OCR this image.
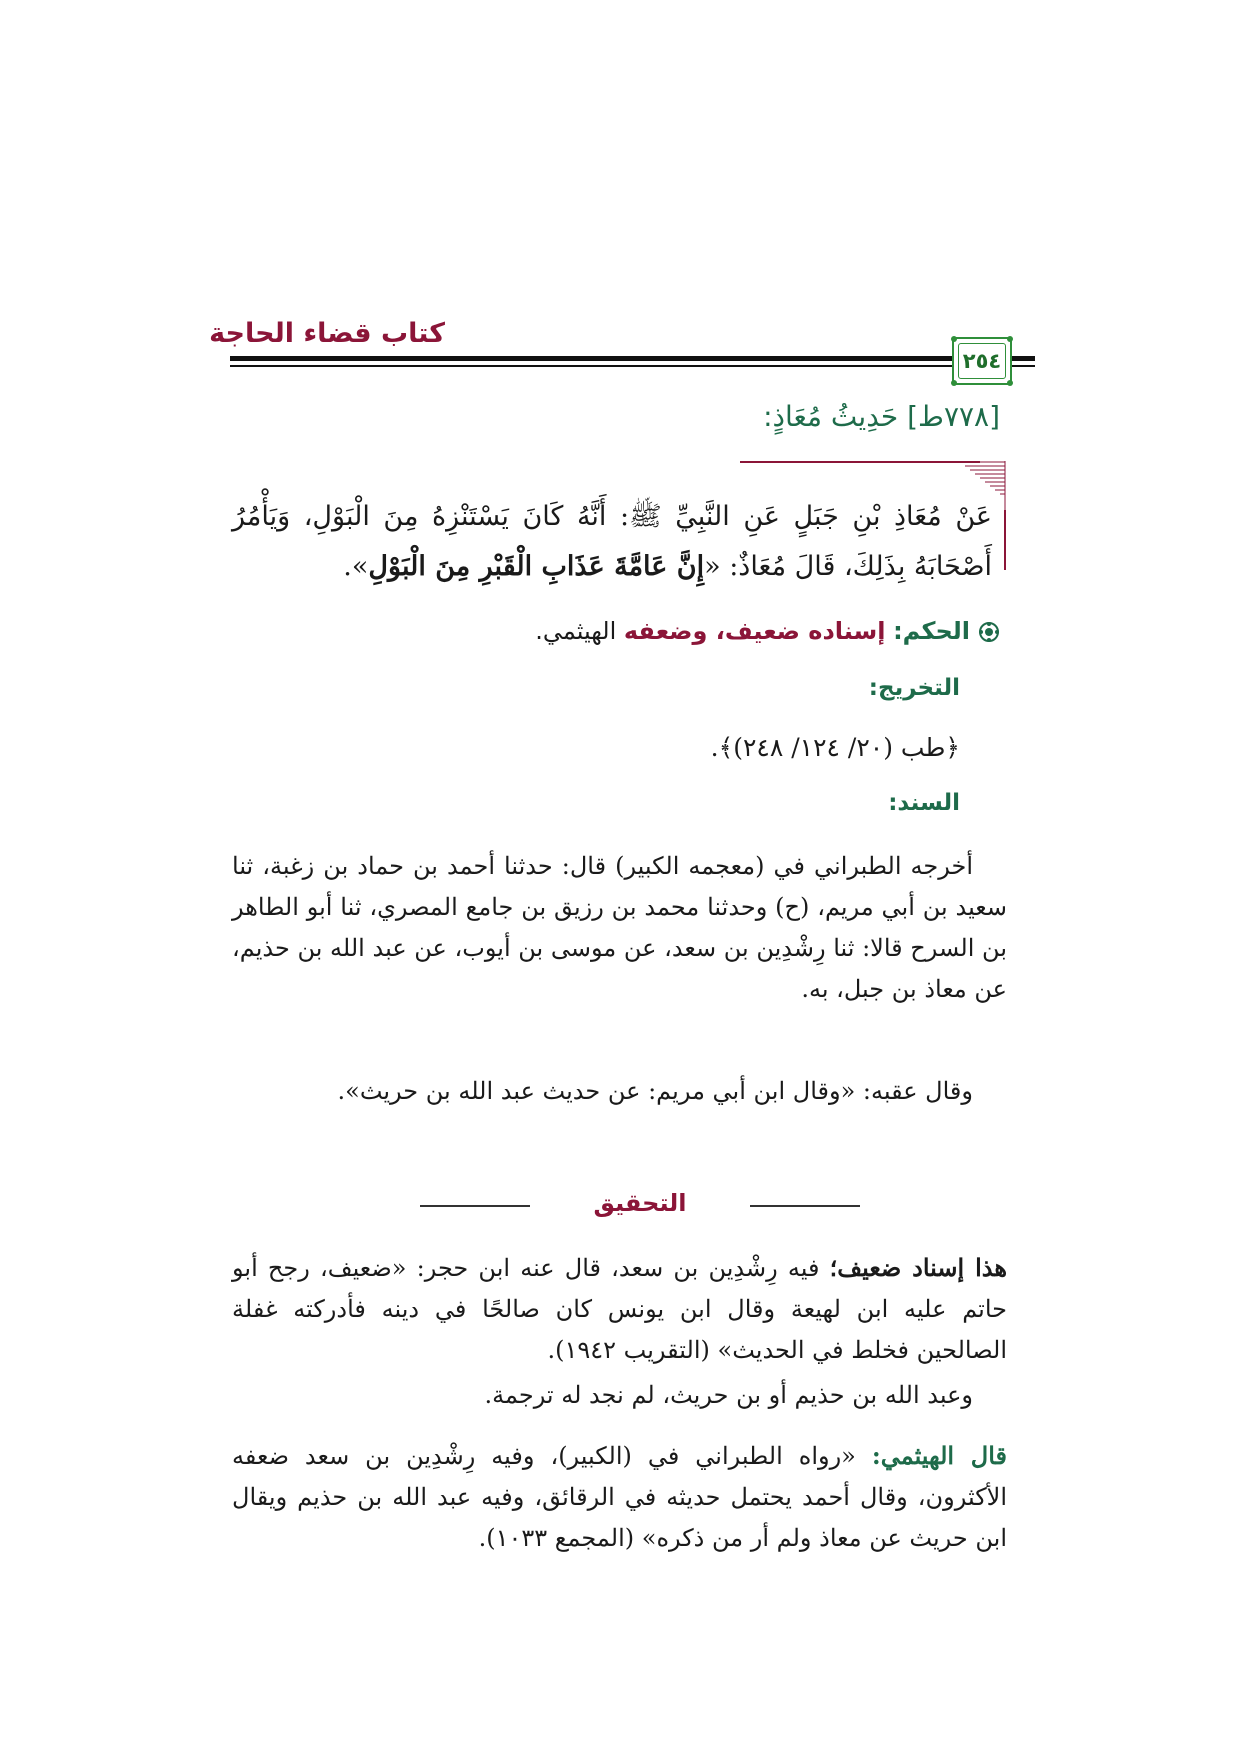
كتاب قضاء الحاجة
٢٥٤
[٧٧٨ط] حَدِيثُ مُعَاذٍ:
عَنْ مُعَاذِ بْنِ جَبَلٍ عَنِ النَّبِيِّ ﷺ: أَنَّهُ كَانَ يَسْتَنْزِهُ مِنَ الْبَوْلِ، وَيَأْمُرُ أَصْحَابَهُ بِذَلِكَ، قَالَ مُعَاذٌ: «إِنَّ عَامَّةَ عَذَابِ الْقَبْرِ مِنَ الْبَوْلِ».
الحكم: إسناده ضعيف، وضعفه الهيثمي.
التخريج:
﴿طب (٢٠/ ١٢٤/ ٢٤٨)﴾.
السند:
أخرجه الطبراني في (معجمه الكبير) قال: حدثنا أحمد بن حماد بن زغبة، ثنا سعيد بن أبي مريم، (ح) وحدثنا محمد بن رزيق بن جامع المصري، ثنا أبو الطاهر بن السرح قالا: ثنا رِشْدِين بن سعد، عن موسى بن أيوب، عن عبد الله بن حذيم، عن معاذ بن جبل، به.
وقال عقبه: «وقال ابن أبي مريم: عن حديث عبد الله بن حريث».
التحقيق
هذا إسناد ضعيف؛ فيه رِشْدِين بن سعد، قال عنه ابن حجر: «ضعيف، رجح أبو حاتم عليه ابن لهيعة وقال ابن يونس كان صالحًا في دينه فأدركته غفلة الصالحين فخلط في الحديث» (التقريب ١٩٤٢).
وعبد الله بن حذيم أو بن حريث، لم نجد له ترجمة.
قال الهيثمي: «رواه الطبراني في (الكبير)، وفيه رِشْدِين بن سعد ضعفه الأكثرون، وقال أحمد يحتمل حديثه في الرقائق، وفيه عبد الله بن حذيم ويقال ابن حريث عن معاذ ولم أر من ذكره» (المجمع ١٠٣٣).
